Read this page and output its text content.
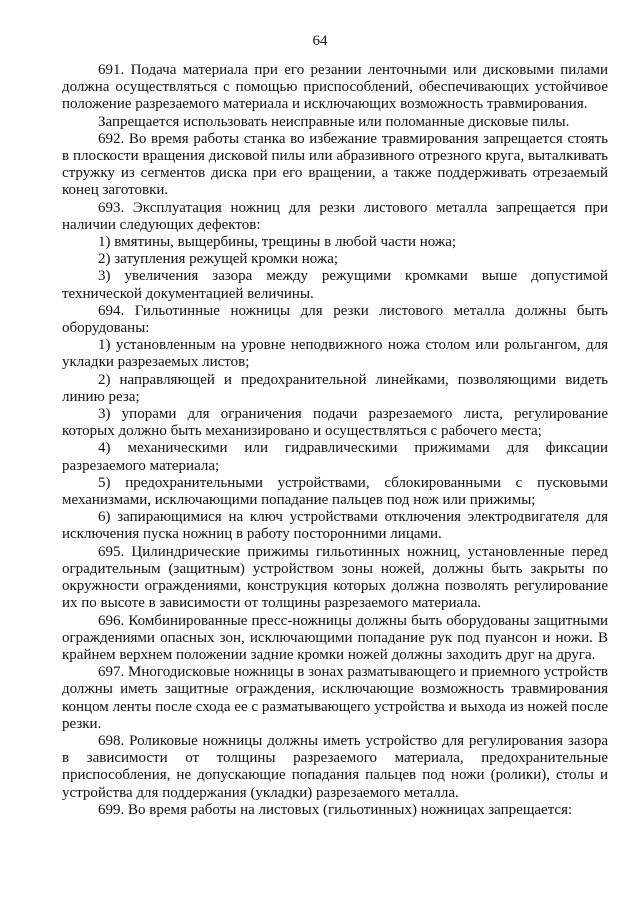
64

691. Подача материала при его резании ленточными или дисковыми пилами должна осуществляться с помощью приспособлений, обеспечивающих устойчивое положение разрезаемого материала и исключающих возможность травмирования.

Запрещается использовать неисправные или поломанные дисковые пилы.

692. Во время работы станка во избежание травмирования запрещается стоять в плоскости вращения дисковой пилы или абразивного отрезного круга, выталкивать стружку из сегментов диска при его вращении, а также поддерживать отрезаемый конец заготовки.

693. Эксплуатация ножниц для резки листового металла запрещается при наличии следующих дефектов:

1) вмятины, выщербины, трещины в любой части ножа;

2) затупления режущей кромки ножа;

3) увеличения зазора между режущими кромками выше допустимой технической документацией величины.

694. Гильотинные ножницы для резки листового металла должны быть оборудованы:

1) установленным на уровне неподвижного ножа столом или рольгангом, для укладки разрезаемых листов;

2) направляющей и предохранительной линейками, позволяющими видеть линию реза;

3) упорами для ограничения подачи разрезаемого листа, регулирование которых должно быть механизировано и осуществляться с рабочего места;

4) механическими или гидравлическими прижимами для фиксации разрезаемого материала;

5) предохранительными устройствами, сблокированными с пусковыми механизмами, исключающими попадание пальцев под нож или прижимы;

6) запирающимися на ключ устройствами отключения электродвигателя для исключения пуска ножниц в работу посторонними лицами.

695. Цилиндрические прижимы гильотинных ножниц, установленные перед оградительным (защитным) устройством зоны ножей, должны быть закрыты по окружности ограждениями, конструкция которых должна позволять регулирование их по высоте в зависимости от толщины разрезаемого материала.

696. Комбинированные пресс-ножницы должны быть оборудованы защитными ограждениями опасных зон, исключающими попадание рук под пуансон и ножи. В крайнем верхнем положении задние кромки ножей должны заходить друг на друга.

697. Многодисковые ножницы в зонах разматывающего и приемного устройств должны иметь защитные ограждения, исключающие возможность травмирования концом ленты после схода ее с разматывающего устройства и выхода из ножей после резки.

698. Роликовые ножницы должны иметь устройство для регулирования зазора в зависимости от толщины разрезаемого материала, предохранительные приспособления, не допускающие попадания пальцев под ножи (ролики), столы и устройства для поддержания (укладки) разрезаемого металла.

699. Во время работы на листовых (гильотинных) ножницах запрещается:
